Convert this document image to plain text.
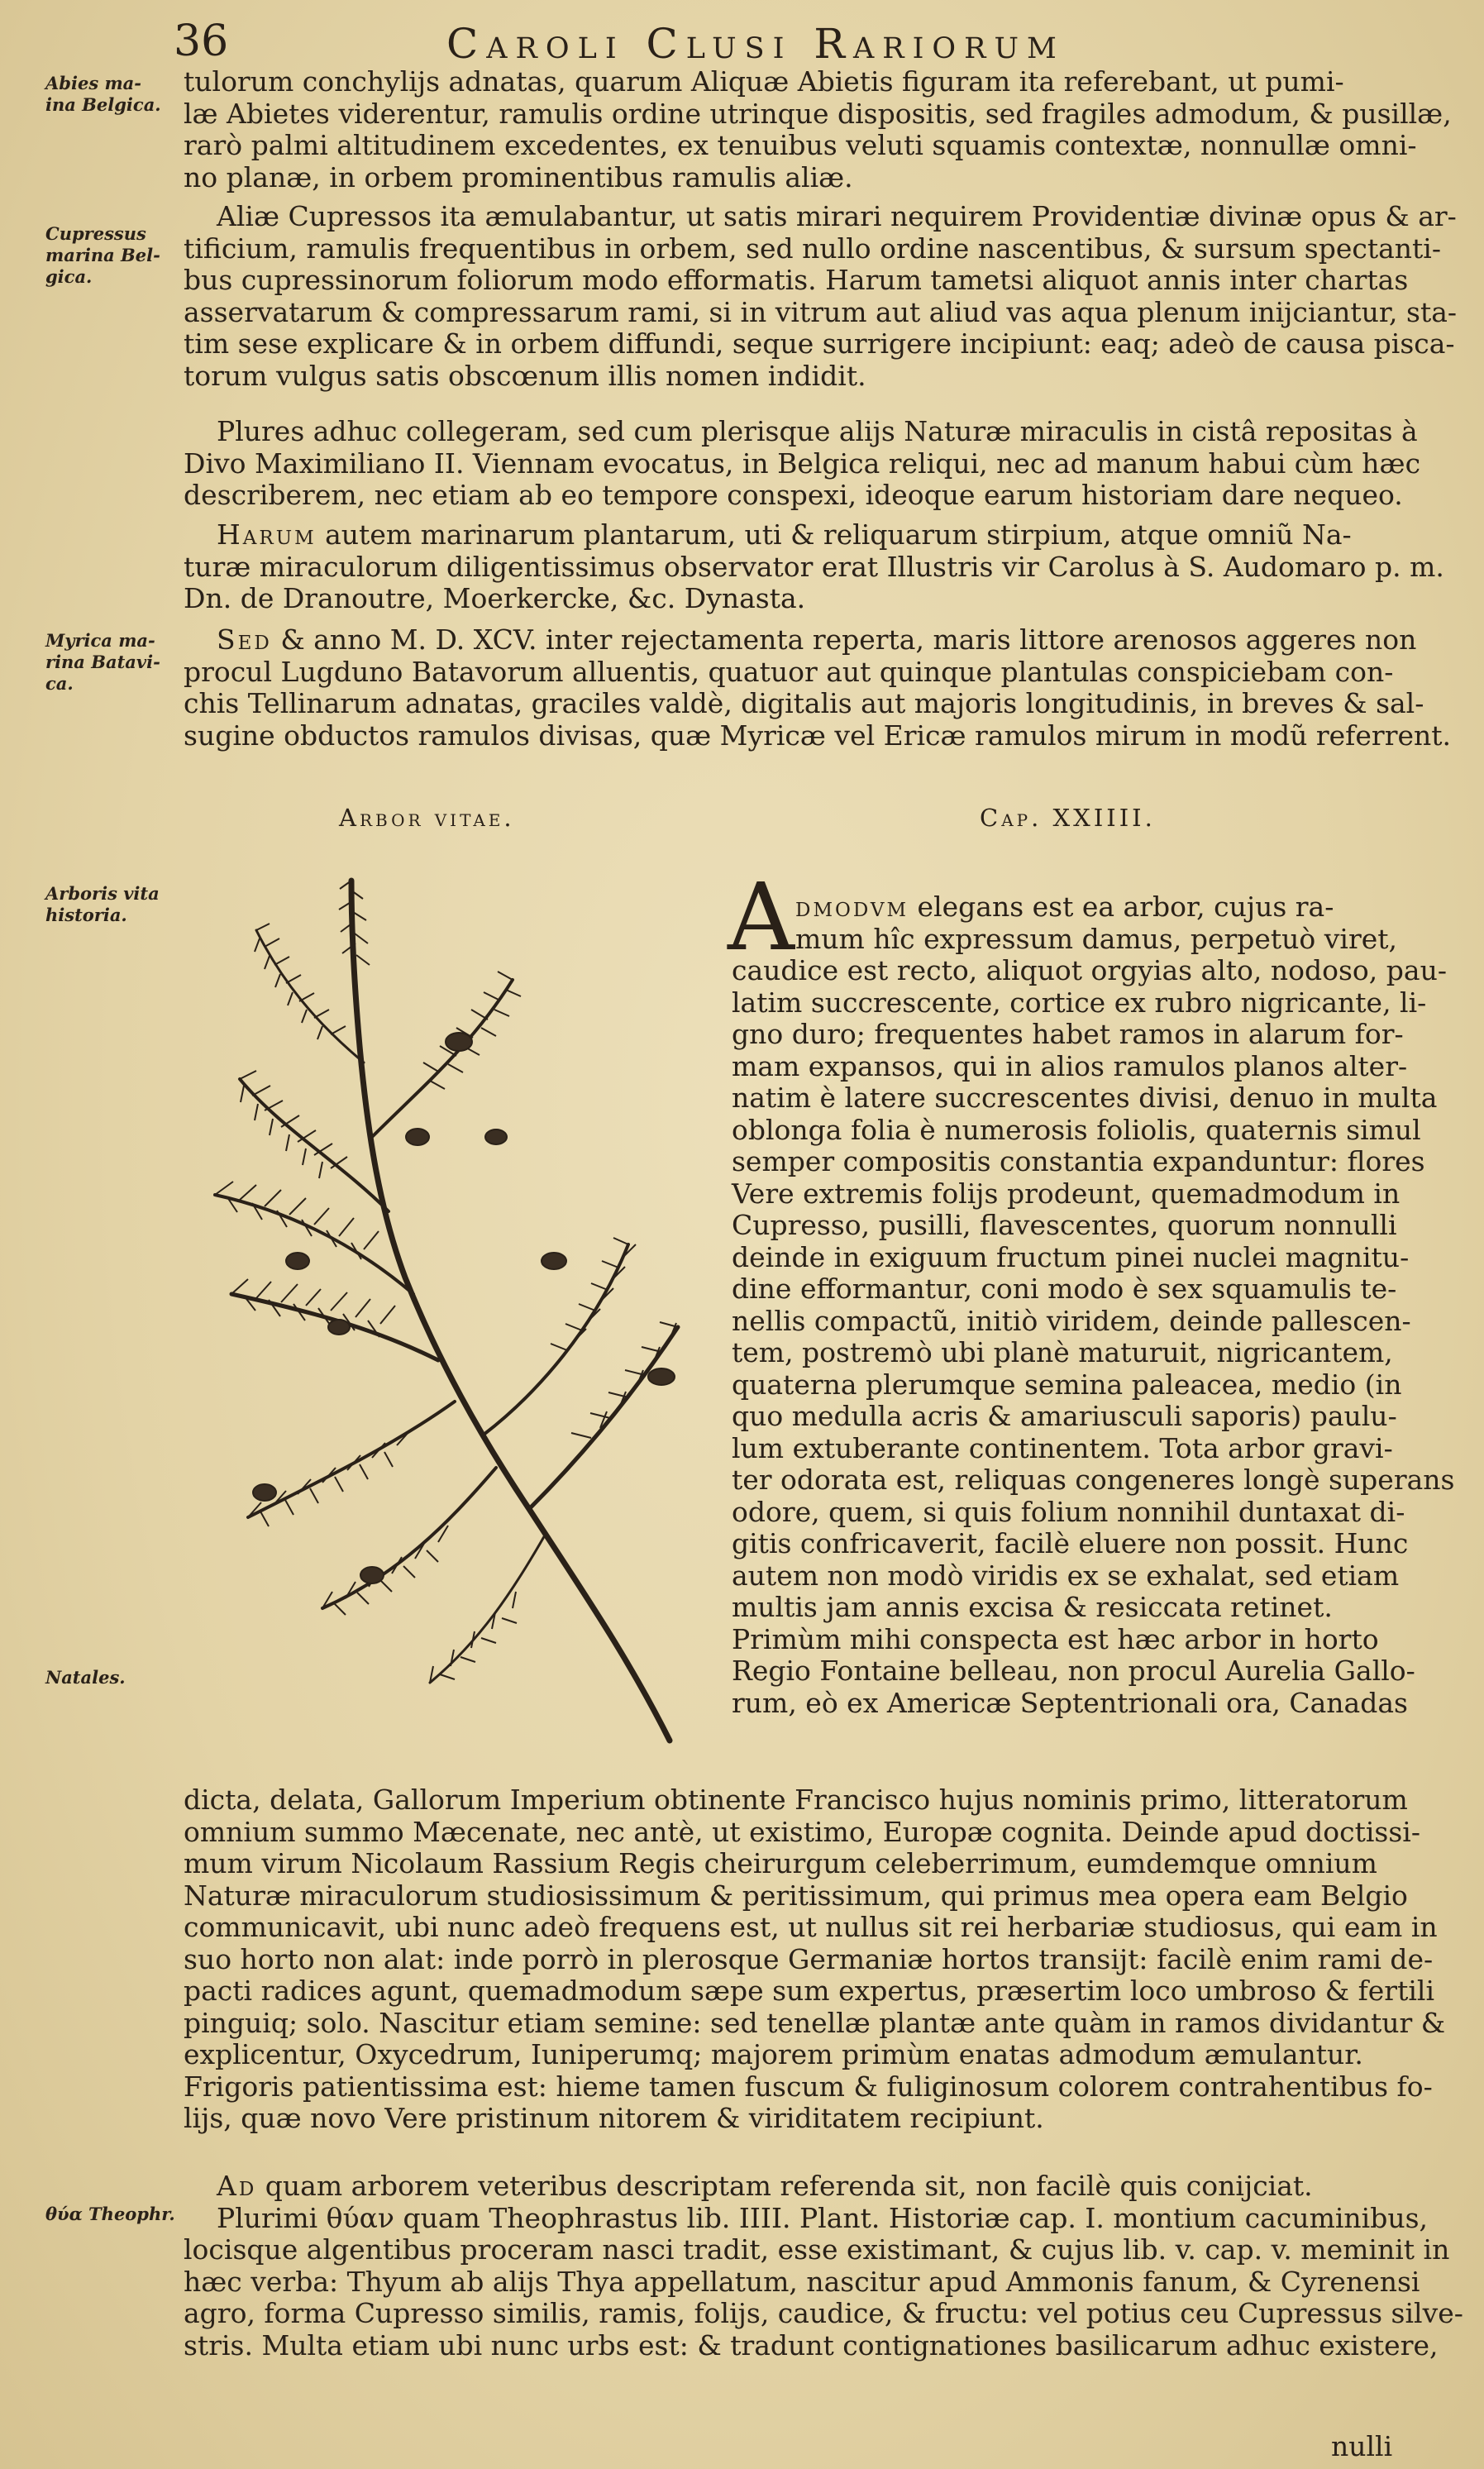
36	Caroli Clusi Rariorum
Abies ma- ina Belgica.
Cupressus marina Bel- gica.
Myrica ma- rina Batavi- ca.
Arboris vita historia.
Natales.
θύα Theophr.
tulorum conchylijs adnatas, quarum Aliquæ Abietis figuram ita referebant, ut pumi-
læ Abietes viderentur, ramulis ordine utrinque dispositis, sed fragiles admodum, & pusillæ,
rarò palmi altitudinem excedentes, ex tenuibus veluti squamis contextæ, nonnullæ omni-
no planæ, in orbem prominentibus ramulis aliæ.
Aliæ Cupressos ita æmulabantur, ut satis mirari nequirem Providentiæ divinæ opus & ar-
tificium, ramulis frequentibus in orbem, sed nullo ordine nascentibus, & sursum spectanti-
bus cupressinorum foliorum modo efformatis. Harum tametsi aliquot annis inter chartas
asservatarum & compressarum rami, si in vitrum aut aliud vas aqua plenum inijciantur, sta-
tim sese explicare & in orbem diffundi, seque surrigere incipiunt: eaq; adeò de causa pisca-
torum vulgus satis obscœnum illis nomen indidit.
Plures adhuc collegeram, sed cum plerisque alijs Naturæ miraculis in cistâ repositas à
Divo Maximiliano II. Viennam evocatus, in Belgica reliqui, nec ad manum habui cùm hæc
describerem, nec etiam ab eo tempore conspexi, ideoque earum historiam dare nequeo.
Harum autem marinarum plantarum, uti & reliquarum stirpium, atque omniũ Na-
turæ miraculorum diligentissimus observator erat Illustris vir Carolus à S. Audomaro p. m.
Dn. de Dranoutre, Moerkercke, &c. Dynasta.
Sed & anno M. D. XCV. inter rejectamenta reperta, maris littore arenosos aggeres non
procul Lugduno Batavorum alluentis, quatuor aut quinque plantulas conspiciebam con-
chis Tellinarum adnatas, graciles valdè, digitalis aut majoris longitudinis, in breves & sal-
sugine obductos ramulos divisas, quæ Myricæ vel Ericæ ramulos mirum in modũ referrent.
Arbor vitae.	Cap. XXIIII.
A dmodvm elegans est ea arbor, cujus ra-
mum hîc expressum damus, perpetuò viret,
caudice est recto, aliquot orgyias alto, nodoso, pau-
latim succrescente, cortice ex rubro nigricante, li-
gno duro; frequentes habet ramos in alarum for-
mam expansos, qui in alios ramulos planos alter-
natim è latere succrescentes divisi, denuo in multa
oblonga folia è numerosis foliolis, quaternis simul
semper compositis constantia expanduntur: flores
Vere extremis folijs prodeunt, quemadmodum in
Cupresso, pusilli, flavescentes, quorum nonnulli
deinde in exiguum fructum pinei nuclei magnitu-
dine efformantur, coni modo è sex squamulis te-
nellis compactũ, initiò viridem, deinde pallescen-
tem, postremò ubi planè maturuit, nigricantem,
quaterna plerumque semina paleacea, medio (in
quo medulla acris & amariusculi saporis) paulu-
lum extuberante continentem. Tota arbor gravi-
ter odorata est, reliquas congeneres longè superans
odore, quem, si quis folium nonnihil duntaxat di-
gitis confricaverit, facilè eluere non possit. Hunc
autem non modò viridis ex se exhalat, sed etiam
multis jam annis excisa & resiccata retinet.
Primùm mihi conspecta est hæc arbor in horto
Regio Fontaine belleau, non procul Aurelia Gallo-
rum, eò ex Americæ Septentrionali ora, Canadas
dicta, delata, Gallorum Imperium obtinente Francisco hujus nominis primo, litteratorum
omnium summo Mæcenate, nec antè, ut existimo, Europæ cognita. Deinde apud doctissi-
mum virum Nicolaum Rassium Regis cheirurgum celeberrimum, eumdemque omnium
Naturæ miraculorum studiosissimum & peritissimum, qui primus mea opera eam Belgio
communicavit, ubi nunc adeò frequens est, ut nullus sit rei herbariæ studiosus, qui eam in
suo horto non alat: inde porrò in plerosque Germaniæ hortos transijt: facilè enim rami de-
pacti radices agunt, quemadmodum sæpe sum expertus, præsertim loco umbroso & fertili
pinguiq; solo. Nascitur etiam semine: sed tenellæ plantæ ante quàm in ramos dividantur &
explicentur, Oxycedrum, Iuniperumq; majorem primùm enatas admodum æmulantur.
Frigoris patientissima est: hieme tamen fuscum & fuliginosum colorem contrahentibus fo-
lijs, quæ novo Vere pristinum nitorem & viriditatem recipiunt.
Ad quam arborem veteribus descriptam referenda sit, non facilè quis conijciat.
Plurimi θύαν quam Theophrastus lib. IIII. Plant. Historiæ cap. I. montium cacuminibus,
locisque algentibus proceram nasci tradit, esse existimant, & cujus lib. v. cap. v. meminit in
hæc verba: Thyum ab alijs Thya appellatum, nascitur apud Ammonis fanum, & Cyrenensi
agro, forma Cupresso similis, ramis, folijs, caudice, & fructu: vel potius ceu Cupressus silve-
stris. Multa etiam ubi nunc urbs est: & tradunt contignationes basilicarum adhuc existere,
nulli
